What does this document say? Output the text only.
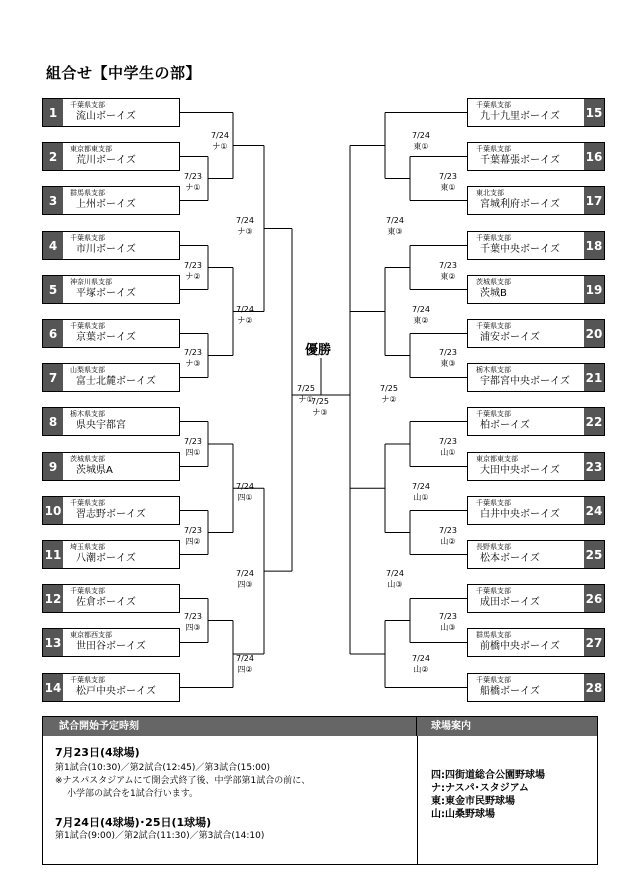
組合せ【中学生の部】
1
千葉県支部
流山ボーイズ
2
東京都東支部
荒川ボーイズ
3
群馬県支部
上州ボーイズ
4
千葉県支部
市川ボーイズ
5
神奈川県支部
平塚ボーイズ
6
千葉県支部
京葉ボーイズ
7
山梨県支部
富士北麓ボーイズ
8
栃木県支部
県央宇都宮
9
茨城県支部
茨城県A
10
千葉県支部
習志野ボーイズ
11
埼玉県支部
八潮ボーイズ
12
千葉県支部
佐倉ボーイズ
13
東京都西支部
世田谷ボーイズ
14
千葉県支部
松戸中央ボーイズ
15
千葉県支部
九十九里ボーイズ
16
千葉県支部
千葉幕張ボーイズ
17
東北支部
宮城利府ボーイズ
18
千葉県支部
千葉中央ボーイズ
19
茨城県支部
茨城B
20
千葉県支部
浦安ボーイズ
21
栃木県支部
宇都宮中央ボーイズ
22
千葉県支部
柏ボーイズ
23
東京都東支部
大田中央ボーイズ
24
千葉県支部
白井中央ボーイズ
25
長野県支部
松本ボーイズ
26
千葉県支部
成田ボーイズ
27
群馬県支部
前橋中央ボーイズ
28
千葉県支部
船橋ボーイズ
7/24
ナ①
7/23
ナ①
7/23
ナ②
7/23
ナ③
7/24
ナ②
7/24
ナ③
7/23
四①
7/23
四②
7/24
四①
7/23
四③
7/24
四②
7/24
四③
7/25
ナ①
7/24
東①
7/23
東①
7/23
東②
7/23
東③
7/24
東②
7/24
東③
7/23
山①
7/23
山②
7/24
山①
7/23
山③
7/24
山②
7/24
山③
7/25
ナ②
7/25
ナ③
優勝
試合開始予定時刻	球場案内
7月23日(4球場)
第1試合(10:30)／第2試合(12:45)／第3試合(15:00)
※ナスパスタジアムにて開会式終了後、中学部第1試合の前に、
小学部の試合を1試合行います。
7月24日(4球場)･25日(1球場)
第1試合(9:00)／第2試合(11:30)／第3試合(14:10)
四:四街道総合公園野球場
ナ:ナスパ･スタジアム
東:東金市民野球場
山:山桑野球場
